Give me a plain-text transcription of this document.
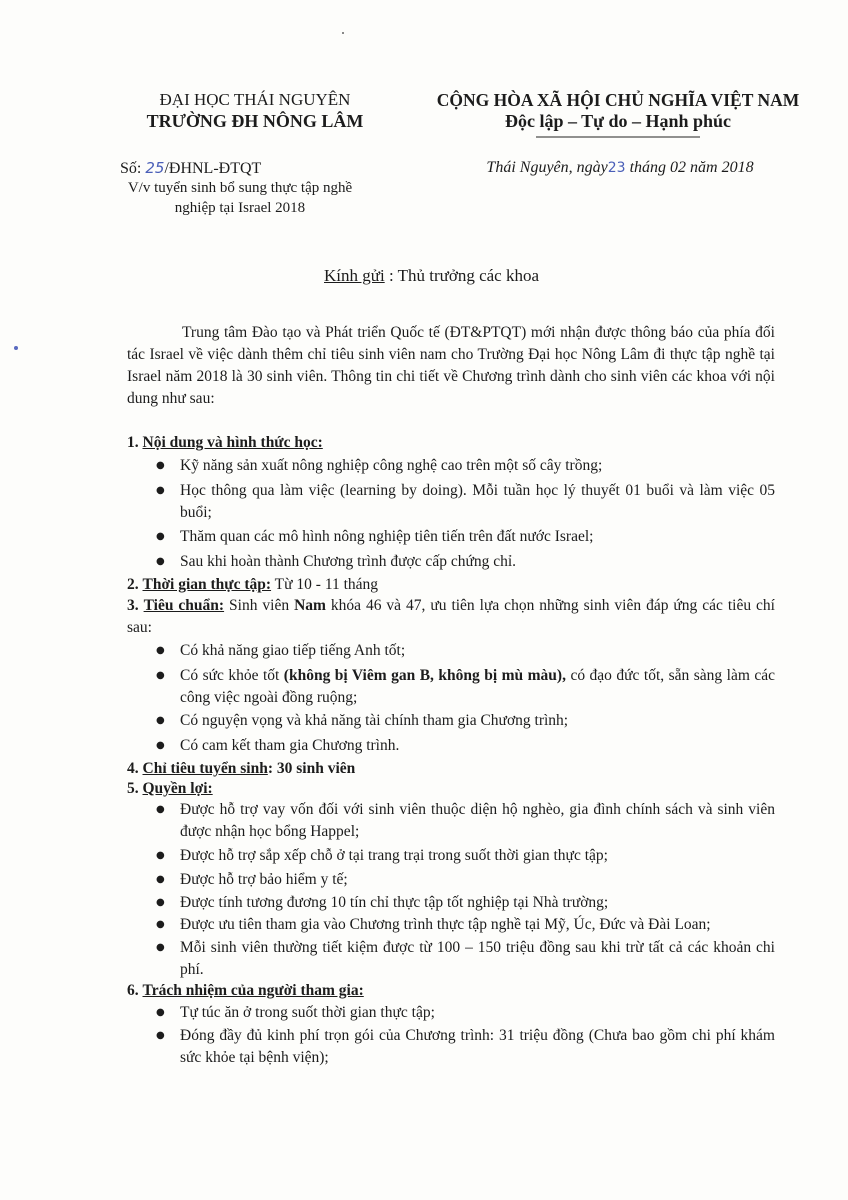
ĐẠI HỌC THÁI NGUYÊN
TRƯỜNG ĐH NÔNG LÂM
CỘNG HÒA XÃ HỘI CHỦ NGHĨA VIỆT NAM
Độc lập – Tự do – Hạnh phúc
Số: 25/ĐHNL-ĐTQT
V/v tuyển sinh bổ sung thực tập nghề nghiệp tại Israel 2018
Thái Nguyên, ngày23 tháng 02 năm 2018
Kính gửi : Thủ trưởng các khoa
Trung tâm Đào tạo và Phát triển Quốc tế (ĐT&PTQT) mới nhận được thông báo của phía đối tác Israel về việc dành thêm chỉ tiêu sinh viên nam cho Trường Đại học Nông Lâm đi thực tập nghề tại Israel năm 2018 là 30 sinh viên. Thông tin chi tiết về Chương trình dành cho sinh viên các khoa với nội dung như sau:
1. Nội dung và hình thức học:
● Kỹ năng sản xuất nông nghiệp công nghệ cao trên một số cây trồng;
● Học thông qua làm việc (learning by doing). Mỗi tuần học lý thuyết 01 buổi và làm việc 05 buổi;
● Thăm quan các mô hình nông nghiệp tiên tiến trên đất nước Israel;
● Sau khi hoàn thành Chương trình được cấp chứng chỉ.
2. Thời gian thực tập: Từ 10 - 11 tháng
3. Tiêu chuẩn: Sinh viên Nam khóa 46 và 47, ưu tiên lựa chọn những sinh viên đáp ứng các tiêu chí sau:
● Có khả năng giao tiếp tiếng Anh tốt;
● Có sức khỏe tốt (không bị Viêm gan B, không bị mù màu), có đạo đức tốt, sẵn sàng làm các công việc ngoài đồng ruộng;
● Có nguyện vọng và khả năng tài chính tham gia Chương trình;
● Có cam kết tham gia Chương trình.
4. Chỉ tiêu tuyển sinh: 30 sinh viên
5. Quyền lợi:
● Được hỗ trợ vay vốn đối với sinh viên thuộc diện hộ nghèo, gia đình chính sách và sinh viên được nhận học bổng Happel;
● Được hỗ trợ sắp xếp chỗ ở tại trang trại trong suốt thời gian thực tập;
● Được hỗ trợ bảo hiểm y tế;
● Được tính tương đương 10 tín chỉ thực tập tốt nghiệp tại Nhà trường;
● Được ưu tiên tham gia vào Chương trình thực tập nghề tại Mỹ, Úc, Đức và Đài Loan;
● Mỗi sinh viên thường tiết kiệm được từ 100 – 150 triệu đồng sau khi trừ tất cả các khoản chi phí.
6. Trách nhiệm của người tham gia:
● Tự túc ăn ở trong suốt thời gian thực tập;
● Đóng đầy đủ kinh phí trọn gói của Chương trình: 31 triệu đồng (Chưa bao gồm chi phí khám sức khỏe tại bệnh viện);
